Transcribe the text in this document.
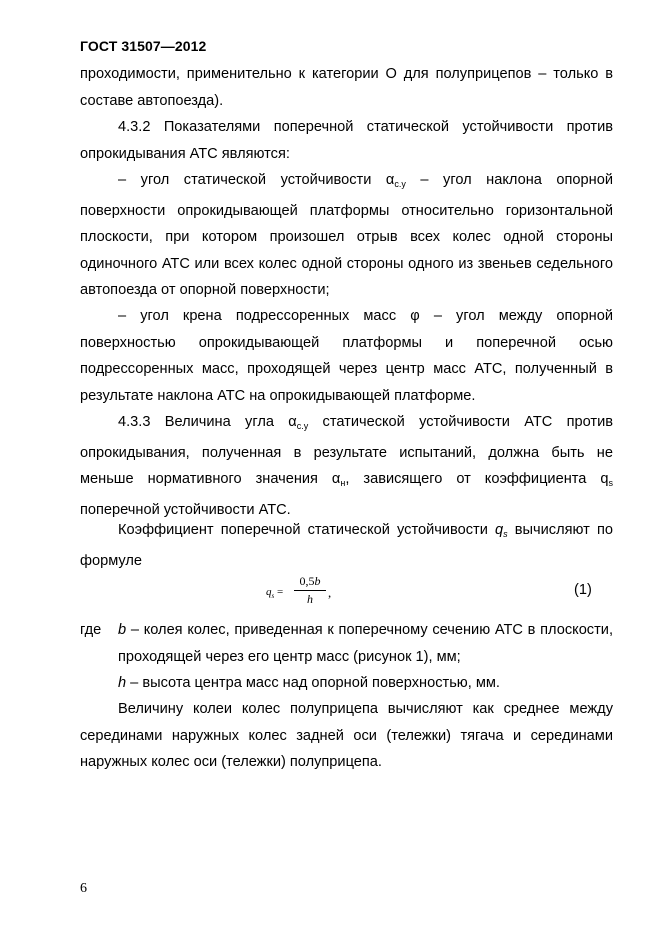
ГОСТ 31507—2012
проходимости, применительно к категории О для полуприцепов – только в составе автопоезда).
4.3.2 Показателями поперечной статической устойчивости против опрокидывания АТС являются:
– угол статической устойчивости $\alpha_{с.у}$ – угол наклона опорной поверхности опрокидывающей платформы относительно горизонтальной плоскости, при котором произошел отрыв всех колес одной стороны одиночного АТС или всех колес одной стороны одного из звеньев седельного автопоезда от опорной поверхности;
– угол крена подрессоренных масс φ – угол между опорной поверхностью опрокидывающей платформы и поперечной осью подрессоренных масс, проходящей через центр масс АТС, полученный в результате наклона АТС на опрокидывающей платформе.
4.3.3 Величина угла $\alpha_{с.у}$ статической устойчивости АТС против опрокидывания, полученная в результате испытаний, должна быть не меньше нормативного значения $\alpha_н$, зависящего от коэффициента $q_s$ поперечной устойчивости АТС.
Коэффициент поперечной статической устойчивости $q_s$ вычисляют по формуле
$q_s$ =
0,5b
h	,	(1)
где b – колея колес, приведенная к поперечному сечению АТС в плоскости, проходящей через его центр масс (рисунок 1), мм;
h – высота центра масс над опорной поверхностью, мм.
Величину колеи колес полуприцепа вычисляют как среднее между серединами наружных колес задней оси (тележки) тягача и серединами наружных колес оси (тележки) полуприцепа.
6
